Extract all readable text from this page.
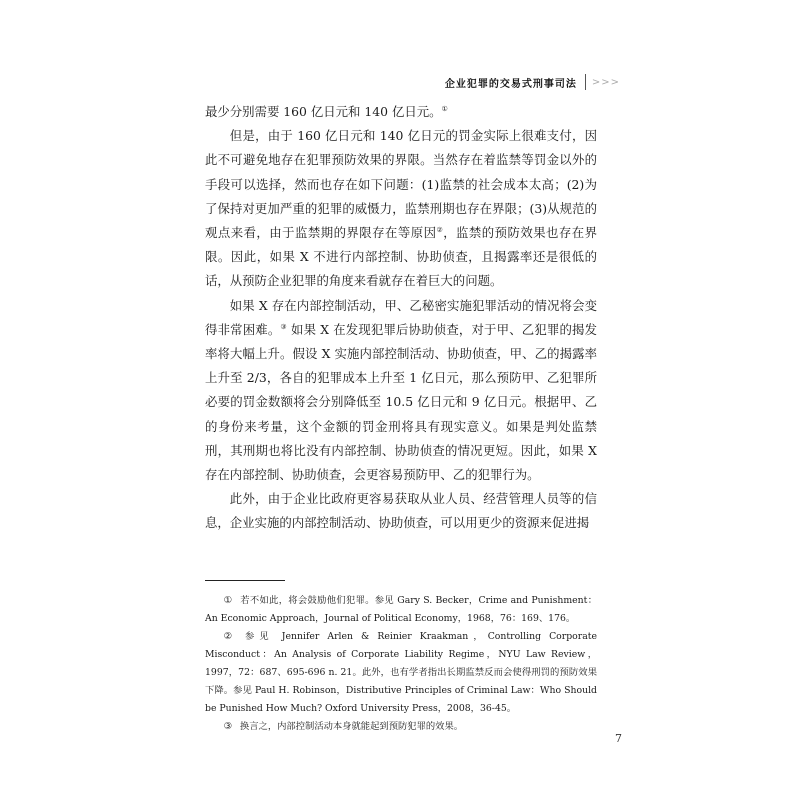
企业犯罪的交易式刑事司法 >>>

最少分别需要 160 亿日元和 140 亿日元。①

但是，由于 160 亿日元和 140 亿日元的罚金实际上很难支付，因此不可避免地存在犯罪预防效果的界限。当然存在着监禁等罚金以外的手段可以选择，然而也存在如下问题：(1)监禁的社会成本太高；(2)为了保持对更加严重的犯罪的威慑力，监禁刑期也存在界限；(3)从规范的观点来看，由于监禁期的界限存在等原因②，监禁的预防效果也存在界限。因此，如果 X 不进行内部控制、协助侦查，且揭露率还是很低的话，从预防企业犯罪的角度来看就存在着巨大的问题。

如果 X 存在内部控制活动，甲、乙秘密实施犯罪活动的情况将会变得非常困难。③ 如果 X 在发现犯罪后协助侦查，对于甲、乙犯罪的揭发率将大幅上升。假设 X 实施内部控制活动、协助侦查，甲、乙的揭露率上升至 2/3，各自的犯罪成本上升至 1 亿日元，那么预防甲、乙犯罪所必要的罚金数额将会分别降低至 10.5 亿日元和 9 亿日元。根据甲、乙的身份来考量，这个金额的罚金刑将具有现实意义。如果是判处监禁刑，其刑期也将比没有内部控制、协助侦查的情况更短。因此，如果 X 存在内部控制、协助侦查，会更容易预防甲、乙的犯罪行为。

此外，由于企业比政府更容易获取从业人员、经营管理人员等的信息，企业实施的内部控制活动、协助侦查，可以用更少的资源来促进揭

① 若不如此，将会鼓励他们犯罪。参见 Gary S. Becker，Crime and Punishment：An Economic Approach，Journal of Political Economy，1968，76：169、176。

② 参见 Jennifer Arlen & Reinier Kraakman，Controlling Corporate Misconduct：An Analysis of Corporate Liability Regime，NYU Law Review，1997，72：687、695-696 n. 21。此外，也有学者指出长期监禁反而会使得刑罚的预防效果下降。参见 Paul H. Robinson，Distributive Principles of Criminal Law：Who Should be Punished How Much? Oxford University Press，2008，36-45。

③ 换言之，内部控制活动本身就能起到预防犯罪的效果。

7
